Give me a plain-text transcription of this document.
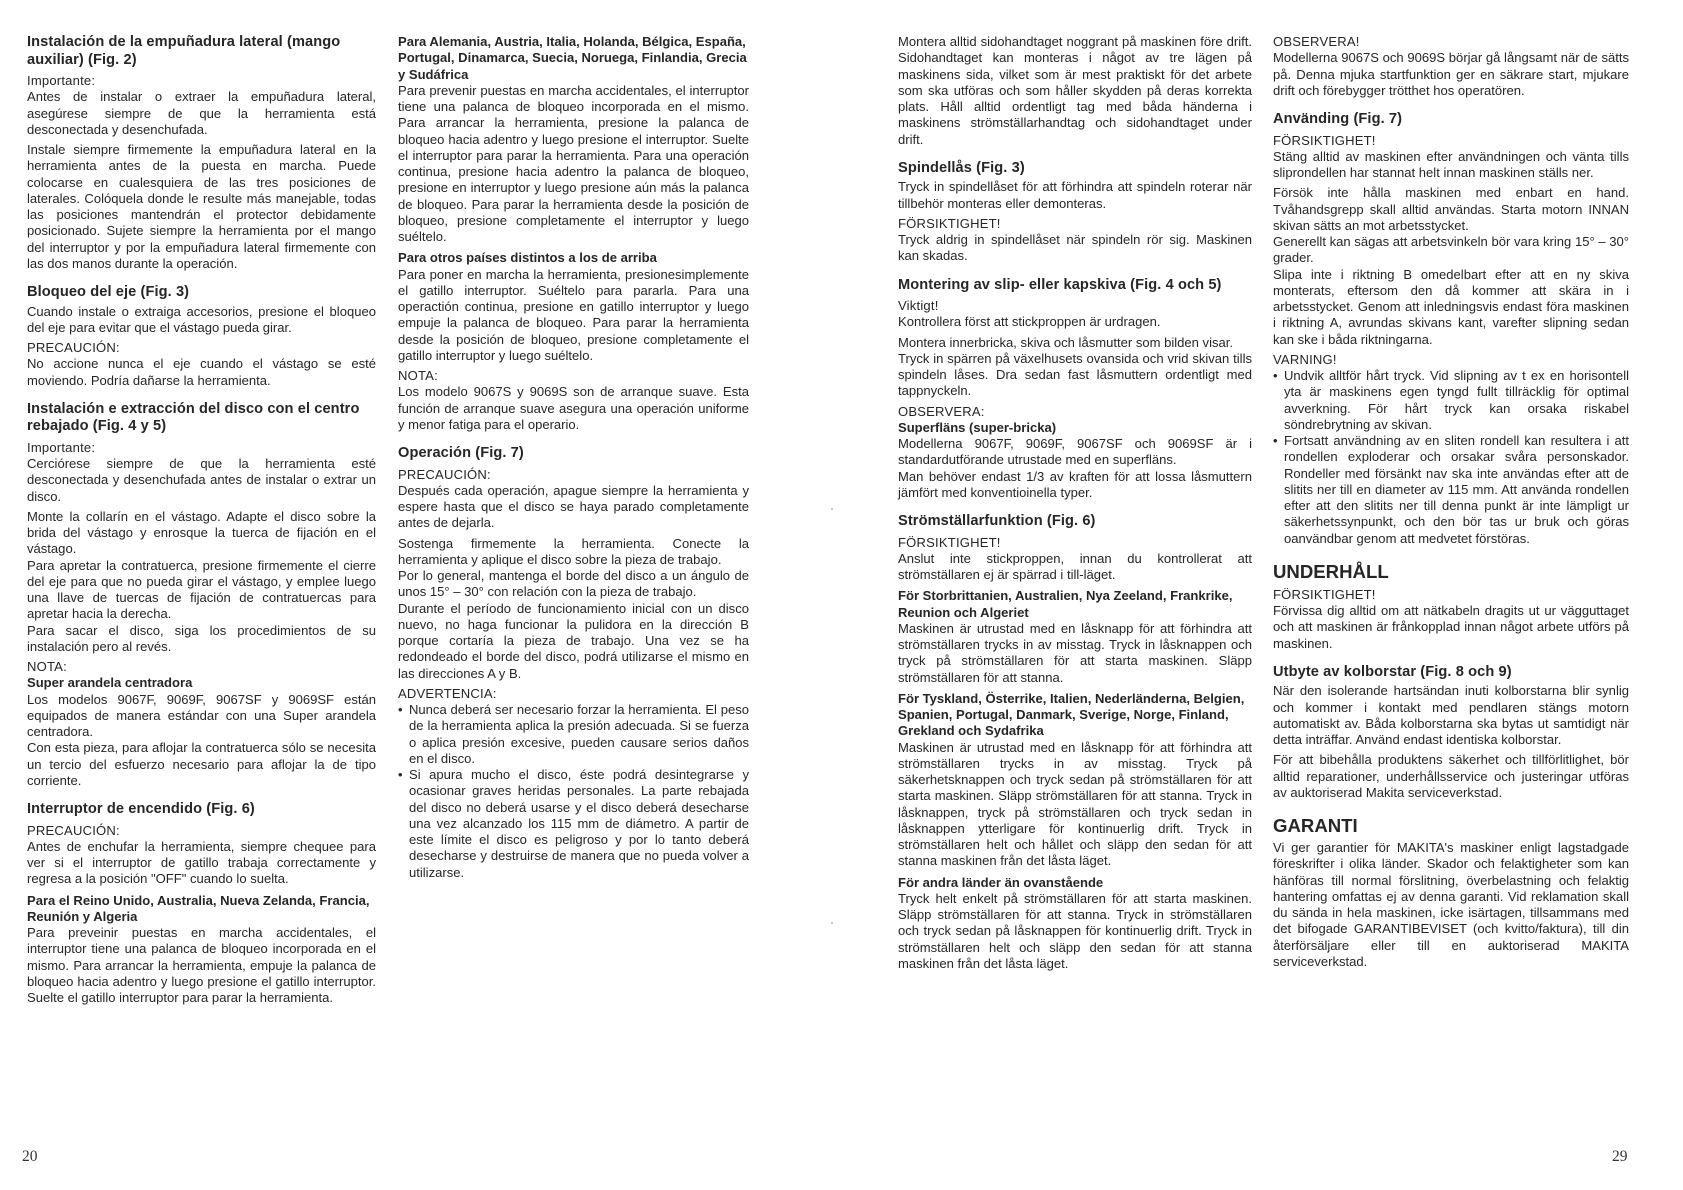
Instalación de la empuñadura lateral (mango auxiliar) (Fig. 2)
Importante:

Antes de instalar o extraer la empuñadura lateral, asegúrese siempre de que la herramienta está desconectada y desenchufada.

Instale siempre firmemente la empuñadura lateral en la herramienta antes de la puesta en marcha. Puede colocarse en cualesquiera de las tres posiciones de laterales. Colóquela donde le resulte más manejable, todas las posiciones mantendrán el protector debidamente posicionado. Sujete siempre la herramienta por el mango del interruptor y por la empuñadura lateral firmemente con las dos manos durante la operación.

Bloqueo del eje (Fig. 3)

Cuando instale o extraiga accesorios, presione el bloqueo del eje para evitar que el vástago pueda girar.

PRECAUCIÓN:

No accione nunca el eje cuando el vástago se esté moviendo. Podría dañarse la herramienta.

Instalación e extracción del disco con el centro rebajado (Fig. 4 y 5)
Importante:

Cerciórese siempre de que la herramienta esté desconectada y desenchufada antes de instalar o extrar un disco.

Monte la collarín en el vástago. Adapte el disco sobre la brida del vástago y enrosque la tuerca de fijación en el vástago.

Para apretar la contratuerca, presione firmemente el cierre del eje para que no pueda girar el vástago, y emplee luego una llave de tuercas de fijación de contratuercas para apretar hacia la derecha.

Para sacar el disco, siga los procedimientos de su instalación pero al revés.

NOTA:
Super arandela centradora

Los modelos 9067F, 9069F, 9067SF y 9069SF están equipados de manera estándar con una Super arandela centradora.

Con esta pieza, para aflojar la contratuerca sólo se necesita un tercio del esfuerzo necesario para aflojar la de tipo corriente.

Interruptor de encendido (Fig. 6)
PRECAUCIÓN:

Antes de enchufar la herramienta, siempre chequee para ver si el interruptor de gatillo trabaja correctamente y regresa a la posición "OFF" cuando lo suelta.

Para el Reino Unido, Australia, Nueva Zelanda, Francia, Reunión y Algeria

Para preveinir puestas en marcha accidentales, el interruptor tiene una palanca de bloqueo incorporada en el mismo. Para arrancar la herramienta, empuje la palanca de bloqueo hacia adentro y luego presione el gatillo interruptor. Suelte el gatillo interruptor para parar la herramienta.

Para Alemania, Austria, Italia, Holanda, Bélgica, España, Portugal, Dinamarca, Suecia, Noruega, Finlandia, Grecia y Sudáfrica

Para prevenir puestas en marcha accidentales, el interruptor tiene una palanca de bloqueo incorporada en el mismo. Para arrancar la herramienta, presione la palanca de bloqueo hacia adentro y luego presione el interruptor. Suelte el interruptor para parar la herramienta. Para una operación continua, presione hacia adentro la palanca de bloqueo, presione en interruptor y luego presione aún más la palanca de bloqueo. Para parar la herramienta desde la posición de bloqueo, presione completamente el interruptor y luego suéltelo.

Para otros países distintos a los de arriba

Para poner en marcha la herramienta, presionesimplemente el gatillo interruptor. Suéltelo para pararla. Para una operactión continua, presione en gatillo interruptor y luego empuje la palanca de bloqueo. Para parar la herramienta desde la posición de bloqueo, presione completamente el gatillo interruptor y luego suéltelo.

NOTA:

Los modelo 9067S y 9069S son de arranque suave. Esta función de arranque suave asegura una operación uniforme y menor fatiga para el operario.

Operación (Fig. 7)
PRECAUCIÓN:

Después cada operación, apague siempre la herramienta y espere hasta que el disco se haya parado completamente antes de dejarla.

Sostenga firmemente la herramienta. Conecte la herramienta y aplique el disco sobre la pieza de trabajo.

Por lo general, mantenga el borde del disco a un ángulo de unos 15° – 30° con relación con la pieza de trabajo.

Durante el período de funcionamiento inicial con un disco nuevo, no haga funcionar la pulidora en la dirección B porque cortaría la pieza de trabajo. Una vez se ha redondeado el borde del disco, podrá utilizarse el mismo en las direcciones A y B.

ADVERTENCIA:
• Nunca deberá ser necesario forzar la herramienta. El peso de la herramienta aplica la presión adecuada. Si se fuerza o aplica presión excesive, pueden causare serios daños en el disco.
• Si apura mucho el disco, éste podrá desintegrarse y ocasionar graves heridas personales. La parte rebajada del disco no deberá usarse y el disco deberá desecharse una vez alcanzado los 115 mm de diámetro. A partir de este límite el disco es peligroso y por lo tanto deberá desecharse y destruirse de manera que no pueda volver a utilizarse.
20

Montera alltid sidohandtaget noggrant på maskinen före drift. Sidohandtaget kan monteras i något av tre lägen på maskinens sida, vilket som är mest praktiskt för det arbete som ska utföras och som håller skydden på deras korrekta plats. Håll alltid ordentligt tag med båda händerna i maskinens strömställarhandtag och sidohandtaget under drift.

Spindellås (Fig. 3)

Tryck in spindellåset för att förhindra att spindeln roterar när tillbehör monteras eller demonteras.

FÖRSIKTIGHET!

Tryck aldrig in spindellåset när spindeln rör sig. Maskinen kan skadas.

Montering av slip- eller kapskiva (Fig. 4 och 5)
Viktigt!

Kontrollera först att stickproppen är urdragen.

Montera innerbricka, skiva och låsmutter som bilden visar.

Tryck in spärren på växelhusets ovansida och vrid skivan tills spindeln låses. Dra sedan fast låsmuttern ordentligt med tappnyckeln.

OBSERVERA:
Superfläns (super-bricka)

Modellerna 9067F, 9069F, 9067SF och 9069SF är i standardutförande utrustade med en superfläns.

Man behöver endast 1/3 av kraften för att lossa låsmuttern jämfört med konventioinella typer.

Strömställarfunktion (Fig. 6)
FÖRSIKTIGHET!

Anslut inte stickproppen, innan du kontrollerat att strömställaren ej är spärrad i till-läget.

För Storbrittanien, Australien, Nya Zeeland, Frankrike, Reunion och Algeriet

Maskinen är utrustad med en låsknapp för att förhindra att strömställaren trycks in av misstag. Tryck in låsknappen och tryck på strömställaren för att starta maskinen. Släpp strömställaren för att stanna.

För Tyskland, Österrike, Italien, Nederländerna, Belgien, Spanien, Portugal, Danmark, Sverige, Norge, Finland, Grekland och Sydafrika

Maskinen är utrustad med en låsknapp för att förhindra att strömställaren trycks in av misstag. Tryck på säkerhetsknappen och tryck sedan på strömställaren för att starta maskinen. Släpp strömställaren för att stanna. Tryck in låsknappen, tryck på strömställaren och tryck sedan in låsknappen ytterligare för kontinuerlig drift. Tryck in strömställaren helt och hållet och släpp den sedan för att stanna maskinen från det låsta läget.

För andra länder än ovanstående

Tryck helt enkelt på strömställaren för att starta maskinen. Släpp strömställaren för att stanna. Tryck in strömställaren och tryck sedan på låsknappen för kontinuerlig drift. Tryck in strömställaren helt och släpp den sedan för att stanna maskinen från det låsta läget.

OBSERVERA!

Modellerna 9067S och 9069S börjar gå långsamt när de sätts på. Denna mjuka startfunktion ger en säkrare start, mjukare drift och förebygger trötthet hos operatören.

Använding (Fig. 7)
FÖRSIKTIGHET!

Stäng alltid av maskinen efter användningen och vänta tills sliprondellen har stannat helt innan maskinen ställs ner.

Försök inte hålla maskinen med enbart en hand. Tvåhandsgrepp skall alltid användas. Starta motorn INNAN skivan sätts an mot arbetsstycket.

Generellt kan sägas att arbetsvinkeln bör vara kring 15° – 30° grader.

Slipa inte i riktning B omedelbart efter att en ny skiva monterats, eftersom den då kommer att skära in i arbetsstycket. Genom att inledningsvis endast föra maskinen i riktning A, avrundas skivans kant, varefter slipning sedan kan ske i båda riktningarna.

VARNING!
• Undvik alltför hårt tryck. Vid slipning av t ex en horisontell yta är maskinens egen tyngd fullt tillräcklig för optimal avverkning. För hårt tryck kan orsaka riskabel söndrebrytning av skivan.
• Fortsatt användning av en sliten rondell kan resultera i att rondellen exploderar och orsakar svåra personskador. Rondeller med försänkt nav ska inte användas efter att de slitits ner till en diameter av 115 mm. Att använda rondellen efter att den slitits ner till denna punkt är inte lämpligt ur säkerhetssynpunkt, och den bör tas ur bruk och göras oanvändbar genom att medvetet förstöras.
UNDERHÅLL
FÖRSIKTIGHET!

Förvissa dig alltid om att nätkabeln dragits ut ur vägguttaget och att maskinen är frånkopplad innan något arbete utförs på maskinen.

Utbyte av kolborstar (Fig. 8 och 9)

När den isolerande hartsändan inuti kolborstarna blir synlig och kommer i kontakt med pendlaren stängs motorn automatiskt av. Båda kolborstarna ska bytas ut samtidigt när detta inträffar. Använd endast identiska kolborstar.

För att bibehålla produktens säkerhet och tillförlitlighet, bör alltid reparationer, underhållsservice och justeringar utföras av auktoriserad Makita serviceverkstad.

GARANTI

Vi ger garantier för MAKITA's maskiner enligt lagstadgade föreskrifter i olika länder. Skador och felaktigheter som kan hänföras till normal förslitning, överbelastning och felaktig hantering omfattas ej av denna garanti. Vid reklamation skall du sända in hela maskinen, icke isärtagen, tillsammans med det bifogade GARANTIBEVISET (och kvitto/faktura), till din återförsäljare eller till en auktoriserad MAKITA serviceverkstad.

29
